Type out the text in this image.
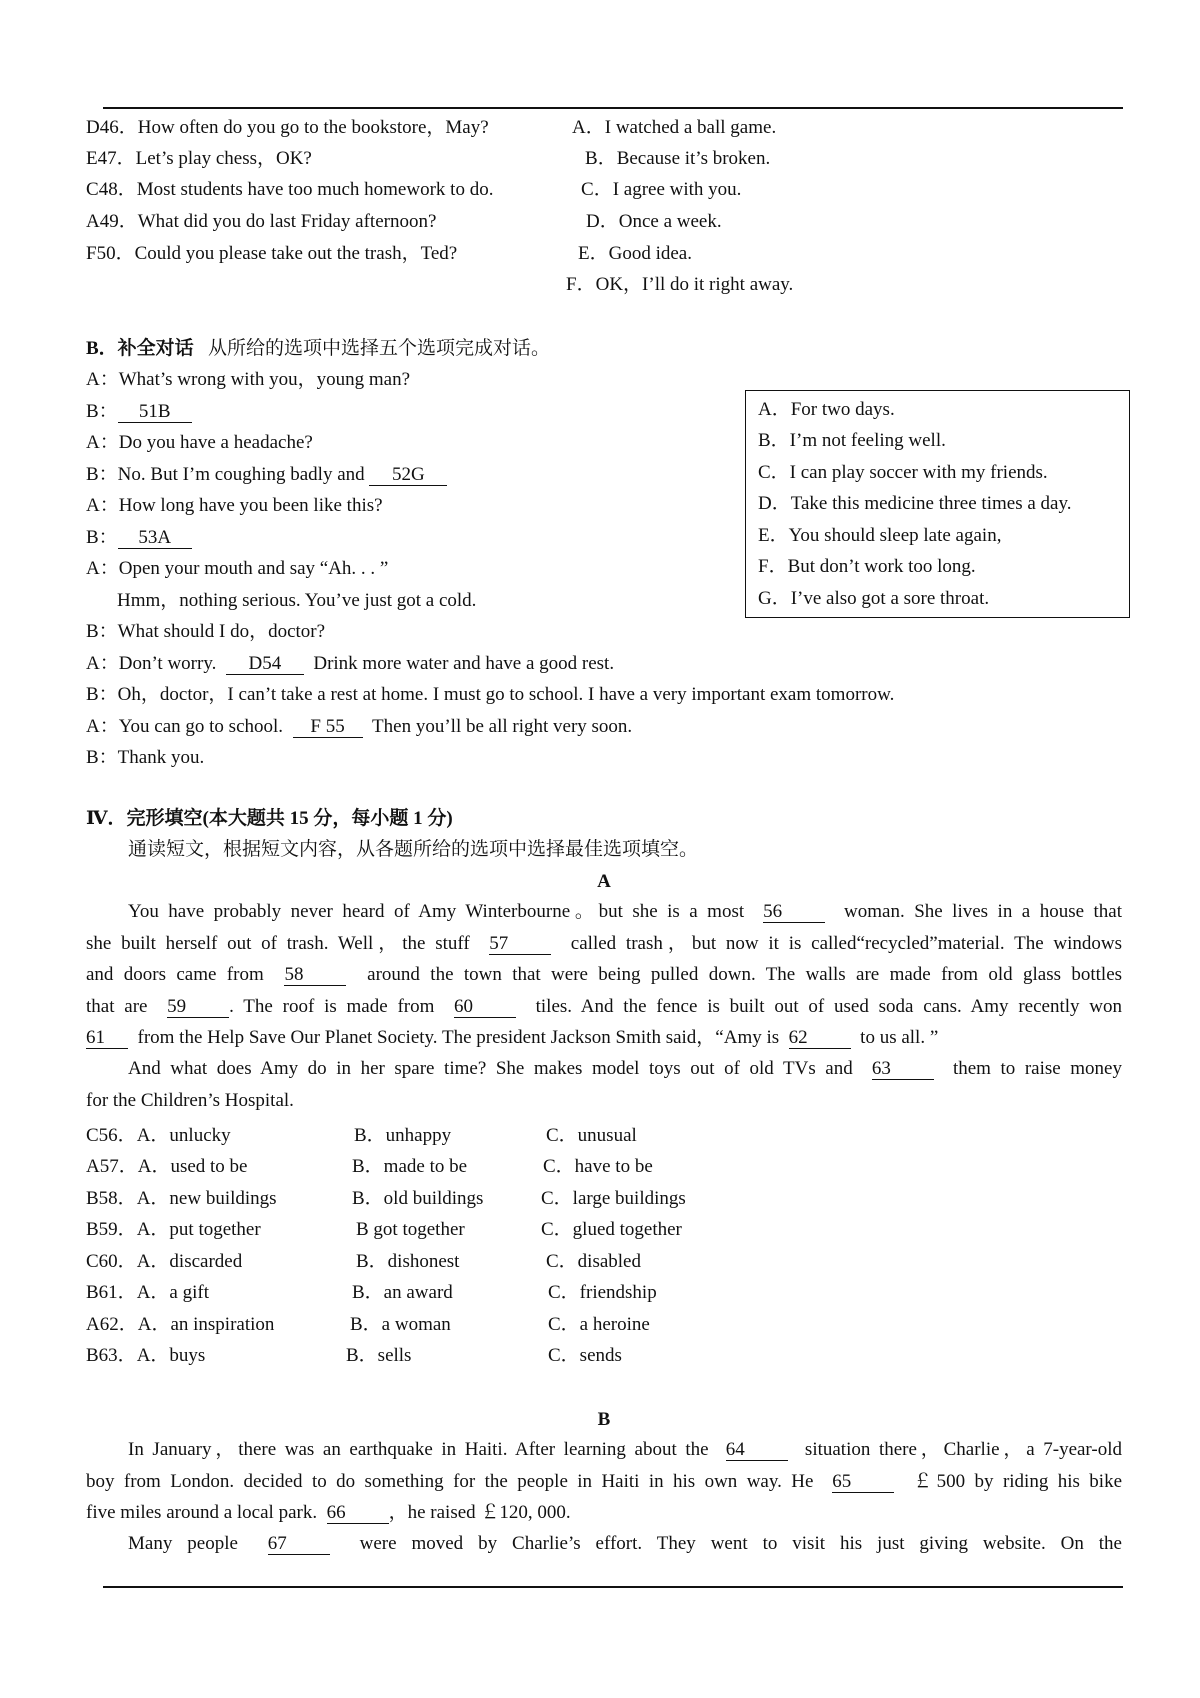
D46．How often do you go to the bookstore，May?
E47．Let’s play chess，OK?
C48．Most students have too much homework to do.
A49．What did you do last Friday afternoon?
F50．Could you please take out the trash，Ted?
A．I watched a ball game.
B．Because it’s broken.
C．I agree with you.
D．Once a week.
E．Good idea.
F．OK，I’ll do it right away.
B．补全对话 从所给的选项中选择五个选项完成对话。
A：What’s wrong with you，young man?
B： 51B
A：Do you have a headache?
B：No. But I’m coughing badly and 52G
A：How long have you been like this?
B： 53A
A：Open your mouth and say “Ah. . . ”
Hmm，nothing serious. You’ve just got a cold.
B：What should I do，doctor?
A：Don’t worry. D54 Drink more water and have a good rest.
B：Oh，doctor，I can’t take a rest at home. I must go to school. I have a very important exam tomorrow.
A：You can go to school. F 55 Then you’ll be all right very soon.
B：Thank you.
A．For two days.
B．I’m not feeling well.
C．I can play soccer with my friends.
D．Take this medicine three times a day.
E．You should sleep late again,
F．But don’t work too long.
G．I’ve also got a sore throat.
Ⅳ．完形填空(本大题共 15 分，每小题 1 分)
通读短文，根据短文内容，从各题所给的选项中选择最佳选项填空。
A
You have probably never heard of Amy Winterbourne。but she is a most 56	woman. She lives in a house that
she built herself out of trash. Well，the stuff 57	called trash，but now it is called“recycled”material. The windows
and doors came from 58	around the town that were being pulled down. The walls are made from old glass bottles
that are 59 . The roof is made from 60	tiles. And the fence is built out of used soda cans. Amy recently won
61 from the Help Save Our Planet Society. The president Jackson Smith said，“Amy is 62	to us all. ”
And what does Amy do in her spare time? She makes model toys out of old TVs and 63	them to raise money
for the Children’s Hospital.
C56．A．unlucky	B．unhappy	C．unusual
A57．A．used to be	B．made to be	C．have to be
B58．A．new buildings	B．old buildings	C．large buildings
B59．A．put together	B got together	C．glued together
C60．A．discarded	B．dishonest	C．disabled
B61．A．a gift	B．an award	C．friendship
A62．A．an inspiration	B．a woman	C．a heroine
B63．A．buys	B．sells	C．sends
B
In January，there was an earthquake in Haiti. After learning about the 64	situation there，Charlie，a 7-year-old
boy from London. decided to do something for the people in Haiti in his own way. He 65	￡500 by riding his bike
five miles around a local park. 66 ，he raised ￡120, 000.
Many people 67	were moved by Charlie’s effort. They went to visit his just giving website. On the
